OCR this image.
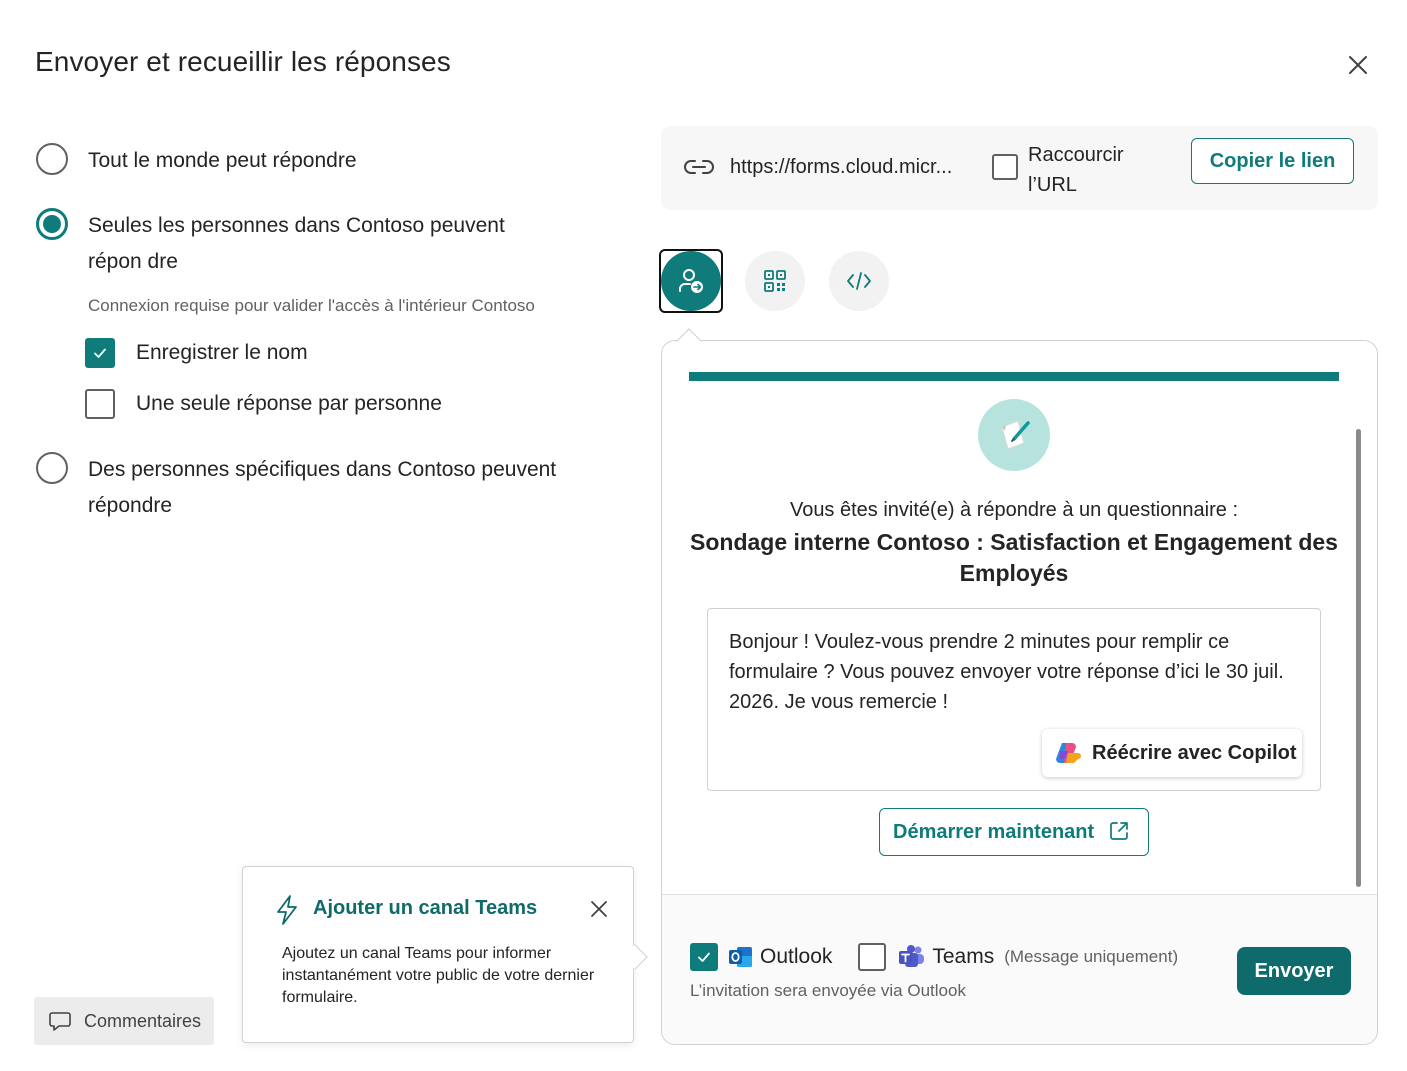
Envoyer et recueillir les réponses
Tout le monde peut répondre
Seules les personnes dans Contoso peuvent répon dre
Connexion requise pour valider l'accès à l'intérieur Contoso
Enregistrer le nom
Une seule réponse par personne
Des personnes spécifiques dans Contoso peuvent répondre
https://forms.cloud.micr...
Raccourcir l’URL
Copier le lien
Vous êtes invité(e) à répondre à un questionnaire :
Sondage interne Contoso : Satisfaction et Engagement des Employés
Bonjour ! Voulez-vous prendre 2 minutes pour remplir ce formulaire ? Vous pouvez envoyer votre réponse d’ici le 30 juil. 2026. Je vous remercie !
Réécrire avec Copilot
Démarrer maintenant
Outlook	Teams (Message uniquement)
L’invitation sera envoyée via Outlook
Envoyer
Ajouter un canal Teams
Ajoutez un canal Teams pour informer instantanément votre public de votre dernier formulaire.
Commentaires
